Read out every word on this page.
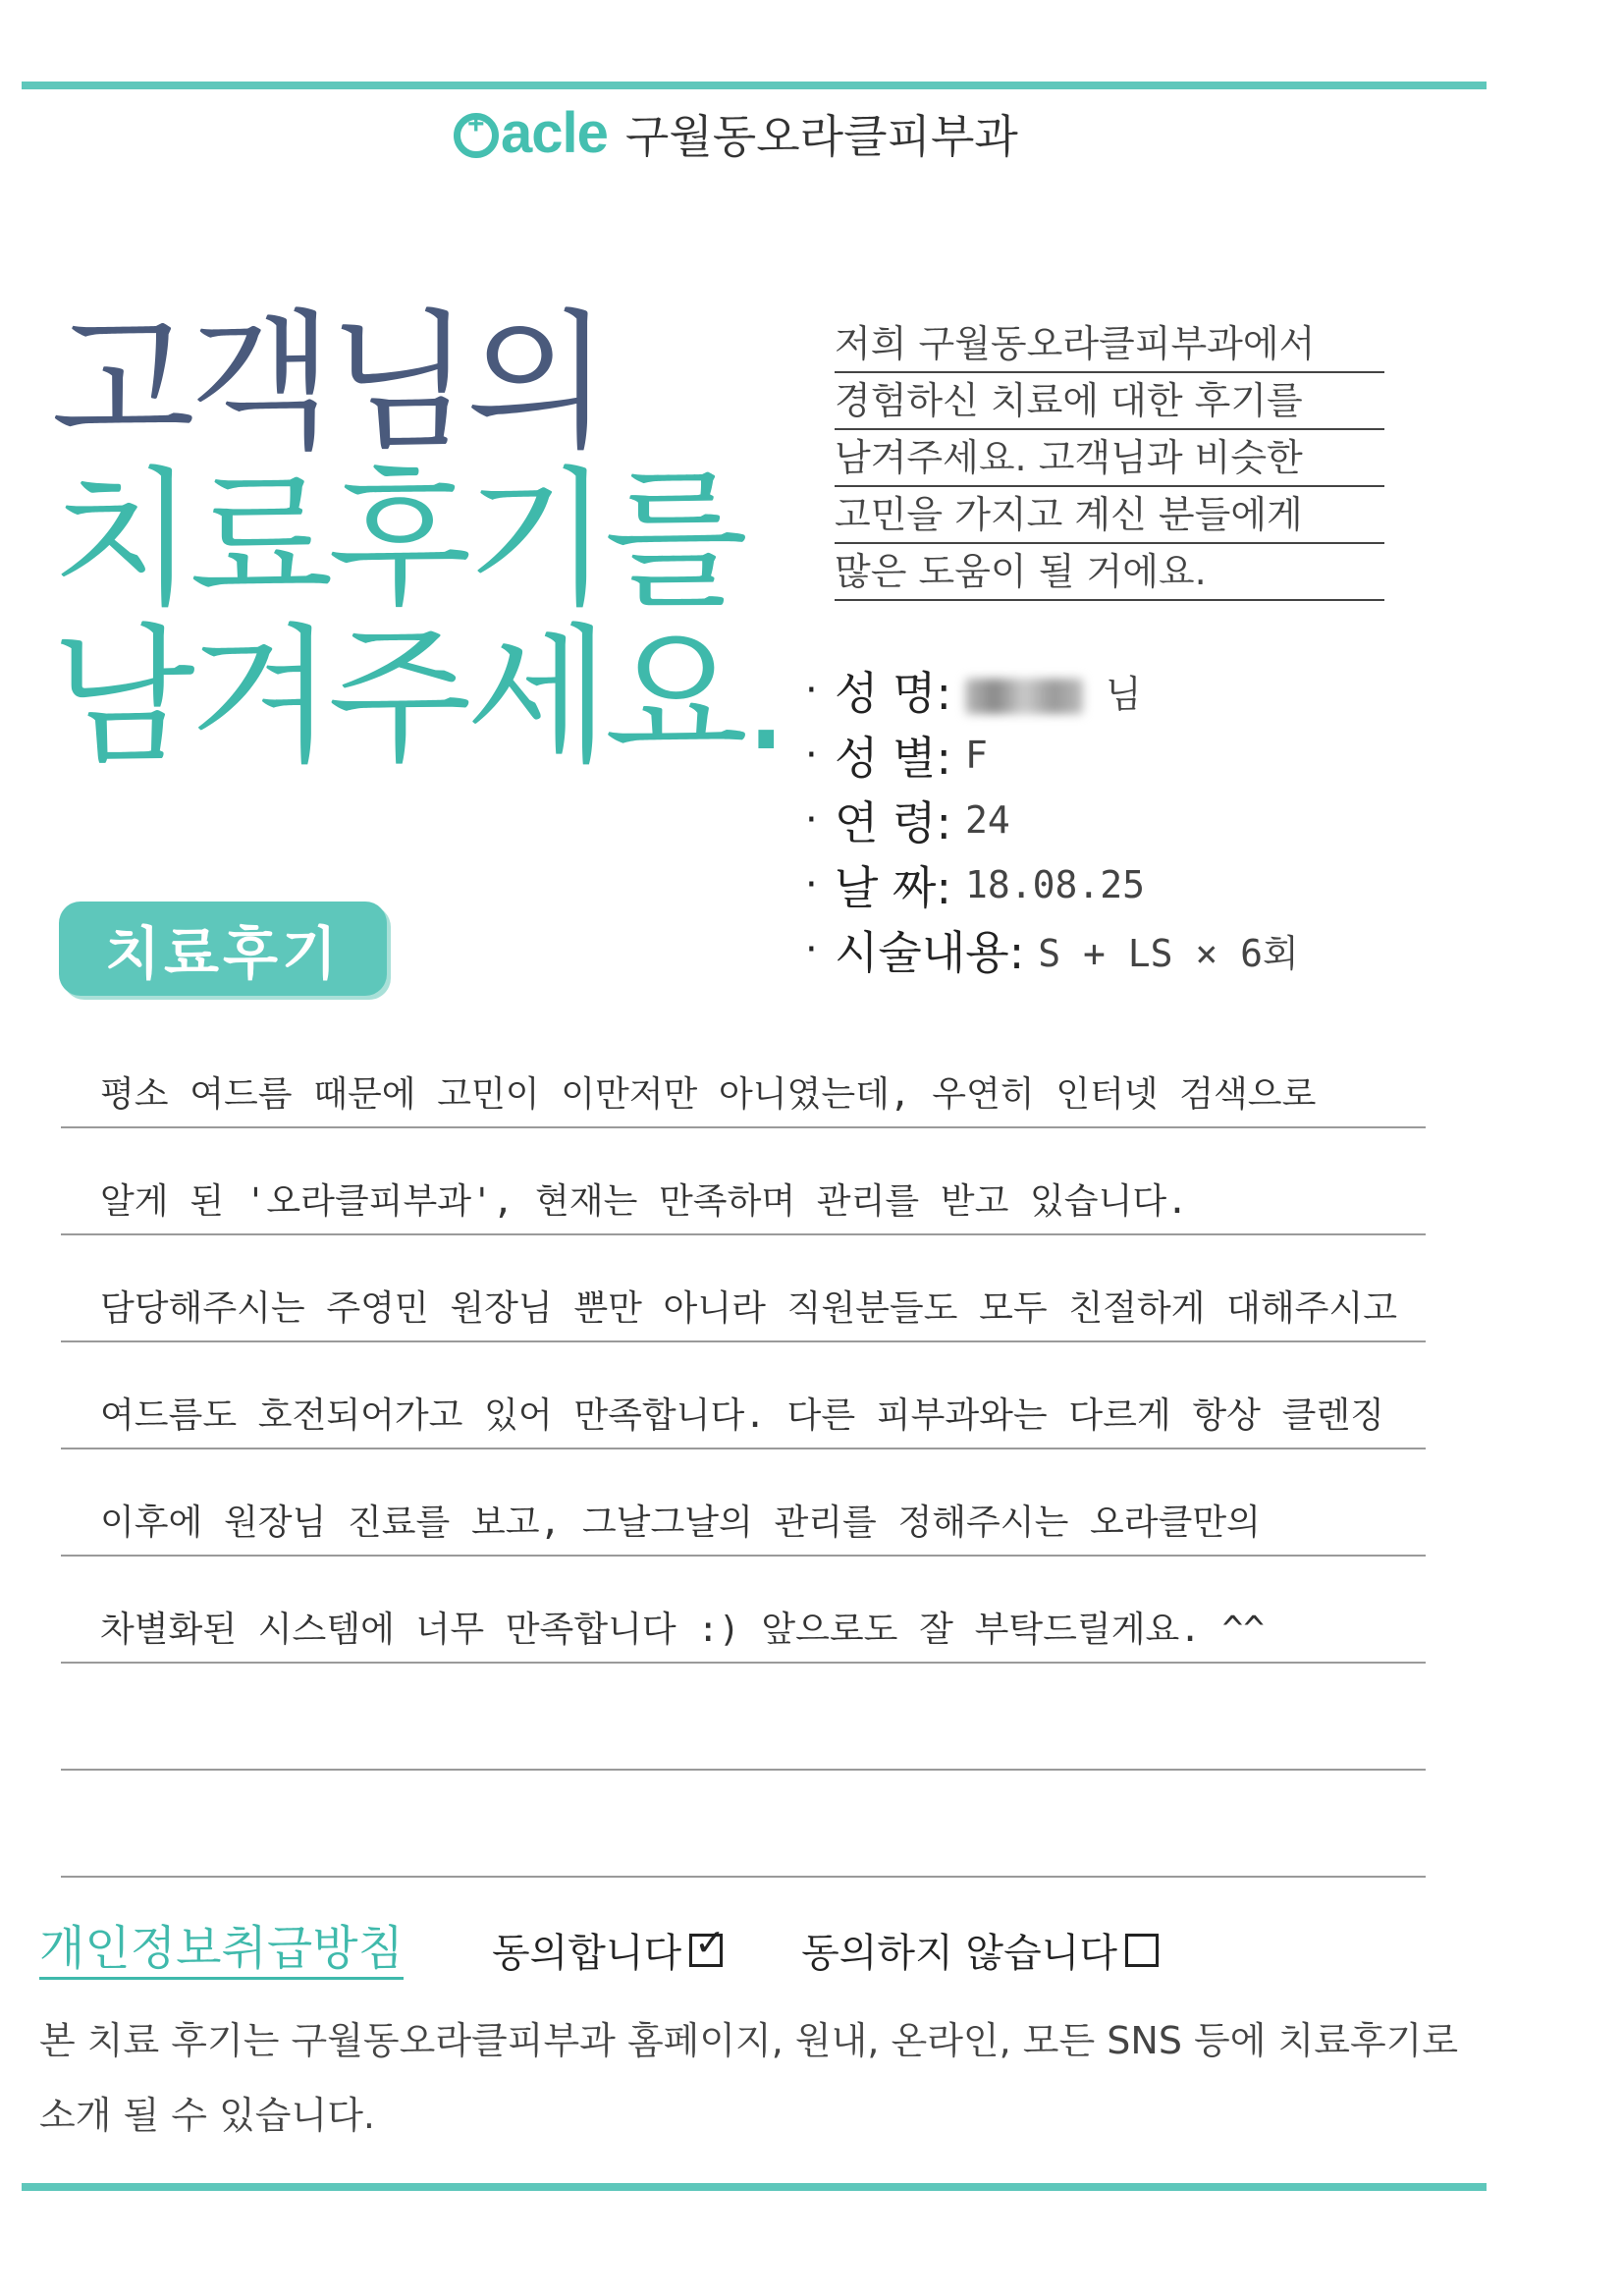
+acle 구월동오라클피부과
고객님의
치료후기를
남겨주세요.
저희 구월동오라클피부과에서
경험하신 치료에 대한 후기를
남겨주세요. 고객님과 비슷한
고민을 가지고 계신 분들에게
많은 도움이 될 거에요.
· 성 명:	님
· 성 별: F
· 연 령: 24
· 날 짜: 18.08.25
· 시술내용: S + LS × 6회
치료후기
평소 여드름 때문에 고민이 이만저만 아니였는데, 우연히 인터넷 검색으로
알게 된 '오라클피부과', 현재는 만족하며 관리를 받고 있습니다.
담당해주시는 주영민 원장님 뿐만 아니라 직원분들도 모두 친절하게 대해주시고
여드름도 호전되어가고 있어 만족합니다. 다른 피부과와는 다르게 항상 클렌징
이후에 원장님 진료를 보고, 그날그날의 관리를 정해주시는 오라클만의
차별화된 시스템에 너무 만족합니다 :) 앞으로도 잘 부탁드릴게요. ^^
개인정보취급방침 동의합니다
✓	동의하지 않습니다
본 치료 후기는 구월동오라클피부과 홈페이지, 원내, 온라인, 모든 SNS 등에 치료후기로
소개 될 수 있습니다.
